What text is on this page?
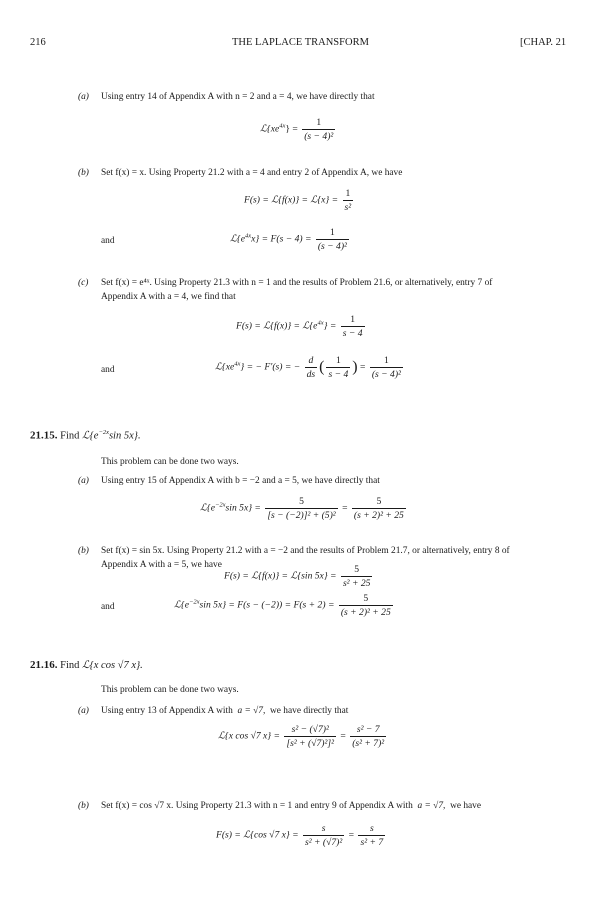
216	THE LAPLACE TRANSFORM	[CHAP. 21
(a) Using entry 14 of Appendix A with n = 2 and a = 4, we have directly that
$ℒ\{xe^{4x}\} = \frac{1}{\text{(s − 4)²}}$
(b) Set f(x) = x. Using Property 21.2 with a = 4 and entry 2 of Appendix A, we have
F(s) = ℒ{f(x)} = ℒ{x} = $\frac{1}{\text{s²}}$
and	$ℒ\{e^{4x}x\} = F(s - 4) = \frac{1}{\text{(s − 4)²}}$
(c) Set f(x) = e⁴ˣ. Using Property 21.3 with n = 1 and the results of Problem 21.6, or alternatively, entry 7 of
Appendix A with a = 4, we find that
F(s) = ℒ{f(x)} = $ℒ\{e^{4x}\} = \frac{1}{s - 4}$
and	$ℒ\{xe^{4x}\}$ = − F′(s) = − $\frac{d}{ds}$ ( $\frac{1}{s - 4}$ ) = $\frac{1}{\text{(s − 4)²}}$
21.15. Find $ℒ\{e^{-2x}\sin$ 5x}.
This problem can be done two ways.
(a) Using entry 15 of Appendix A with b = −2 and a = 5, we have directly that
$ℒ\{e^{-2x}\sin$ $5x\} = \frac{5}{\text{[s − (−2)]² + (5)²}} = \frac{5}{\text{(s + 2)² + 25}}$
(b) Set f(x) = sin 5x. Using Property 21.2 with a = −2 and the results of Problem 21.7, or alternatively, entry 8 of
Appendix A with a = 5, we have
F(s) = ℒ{f(x)} = ℒ{sin $5x\} = \frac{5}{\text{s² + 25}}$
and	$ℒ\{e^{-2x}\sin$ $5x\} = F(s - (-2)) = F(s + 2) = \frac{5}{\text{(s + 2)² + 25}}$
21.16. Find ℒ{x cos √7 x}.
This problem can be done two ways.
(a) Using entry 13 of Appendix A with a = √7, we have directly that
ℒ{x cos √7 $x\} = \frac{\text{s² − (√7)²}}{\text{[s² + (√7)²]²}} = \frac{\text{s² − 7}}{\text{(s² + 7)²}}$
(b) Set f(x) = cos √7 x. Using Property 21.3 with n = 1 and entry 9 of Appendix A with a = √7, we have
F(s) = ℒ{cos √7 $x\} = \frac{s}{\text{s² + (√7)²}} = \frac{s}{\text{s² + 7}}$
